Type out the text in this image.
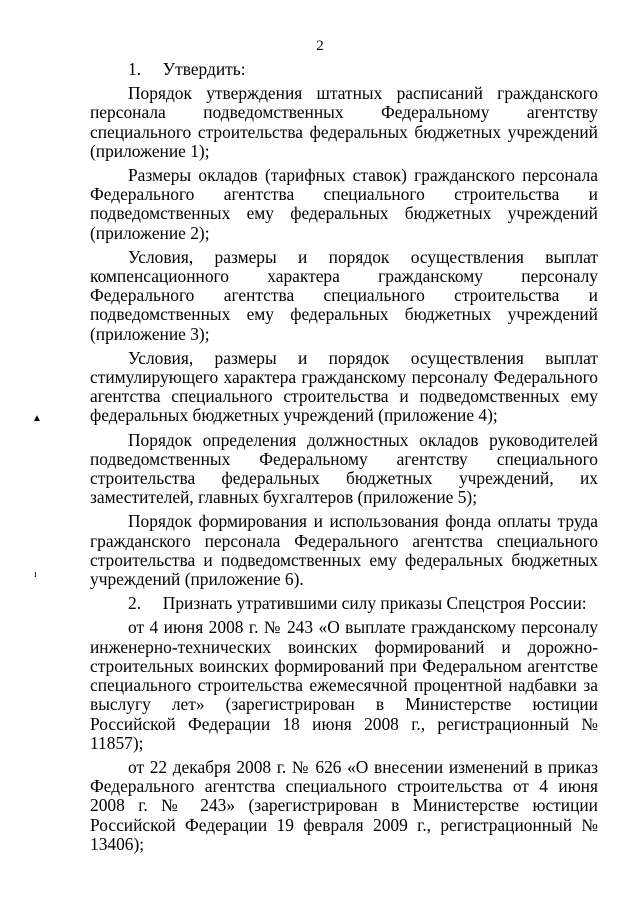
2
▲
ı

1. Утвердить:

Порядок утверждения штатных расписаний гражданского персонала подведомственных Федеральному агентству специального строительства федеральных бюджетных учреждений (приложение 1);

Размеры окладов (тарифных ставок) гражданского персонала Федерального агентства специального строительства и подведомственных ему федеральных бюджетных учреждений (приложение 2);

Условия, размеры и порядок осуществления выплат компенсационного характера гражданскому персоналу Федерального агентства специального строительства и подведомственных ему федеральных бюджетных учреждений (приложение 3);

Условия, размеры и порядок осуществления выплат стимулирующего характера гражданскому персоналу Федерального агентства специального строительства и подведомственных ему федеральных бюджетных учреждений (приложение 4);

Порядок определения должностных окладов руководителей подведомственных Федеральному агентству специального строительства федеральных бюджетных учреждений, их заместителей, главных бухгалтеров (приложение 5);

Порядок формирования и использования фонда оплаты труда гражданского персонала Федерального агентства специального строительства и подведомственных ему федеральных бюджетных учреждений (приложение 6).

2. Признать утратившими силу приказы Спецстроя России:

от 4 июня 2008 г. № 243 «О выплате гражданскому персоналу инженерно-технических воинских формирований и дорожно-строительных воинских формирований при Федеральном агентстве специального строительства ежемесячной процентной надбавки за выслугу лет» (зарегистрирован в Министерстве юстиции Российской Федерации 18 июня 2008 г., регистрационный № 11857);

от 22 декабря 2008 г. № 626 «О внесении изменений в приказ Федерального агентства специального строительства от 4 июня 2008 г. № 243» (зарегистрирован в Министерстве юстиции Российской Федерации 19 февраля 2009 г., регистрационный № 13406);
